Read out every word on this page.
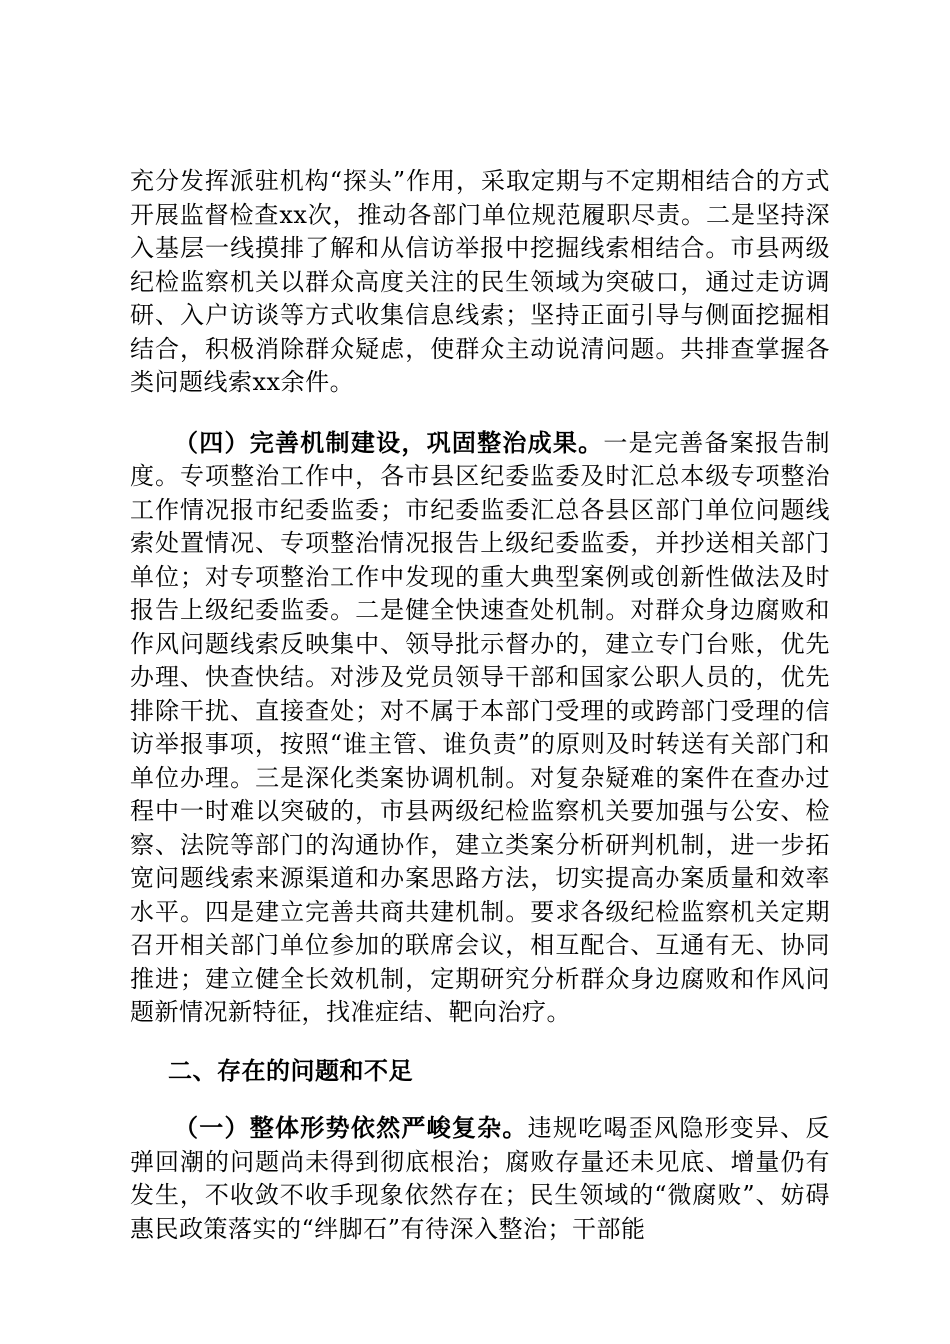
充分发挥派驻机构“探头”作用，采取定期与不定期相结合的方式开展监督检查xx次，推动各部门单位规范履职尽责。二是坚持深入基层一线摸排了解和从信访举报中挖掘线索相结合。市县两级纪检监察机关以群众高度关注的民生领域为突破口，通过走访调研、入户访谈等方式收集信息线索；坚持正面引导与侧面挖掘相结合，积极消除群众疑虑，使群众主动说清问题。共排查掌握各类问题线索xx余件。

（四）完善机制建设，巩固整治成果。一是完善备案报告制度。专项整治工作中，各市县区纪委监委及时汇总本级专项整治工作情况报市纪委监委；市纪委监委汇总各县区部门单位问题线索处置情况、专项整治情况报告上级纪委监委，并抄送相关部门单位；对专项整治工作中发现的重大典型案例或创新性做法及时报告上级纪委监委。二是健全快速查处机制。对群众身边腐败和作风问题线索反映集中、领导批示督办的，建立专门台账，优先办理、快查快结。对涉及党员领导干部和国家公职人员的，优先排除干扰、直接查处；对不属于本部门受理的或跨部门受理的信访举报事项，按照“谁主管、谁负责”的原则及时转送有关部门和单位办理。三是深化类案协调机制。对复杂疑难的案件在查办过程中一时难以突破的，市县两级纪检监察机关要加强与公安、检察、法院等部门的沟通协作，建立类案分析研判机制，进一步拓宽问题线索来源渠道和办案思路方法，切实提高办案质量和效率水平。四是建立完善共商共建机制。要求各级纪检监察机关定期召开相关部门单位参加的联席会议，相互配合、互通有无、协同推进；建立健全长效机制，定期研究分析群众身边腐败和作风问题新情况新特征，找准症结、靶向治疗。

二、存在的问题和不足

（一）整体形势依然严峻复杂。违规吃喝歪风隐形变异、反弹回潮的问题尚未得到彻底根治；腐败存量还未见底、增量仍有发生，不收敛不收手现象依然存在；民生领域的“微腐败”、妨碍惠民政策落实的“绊脚石”有待深入整治；干部能
